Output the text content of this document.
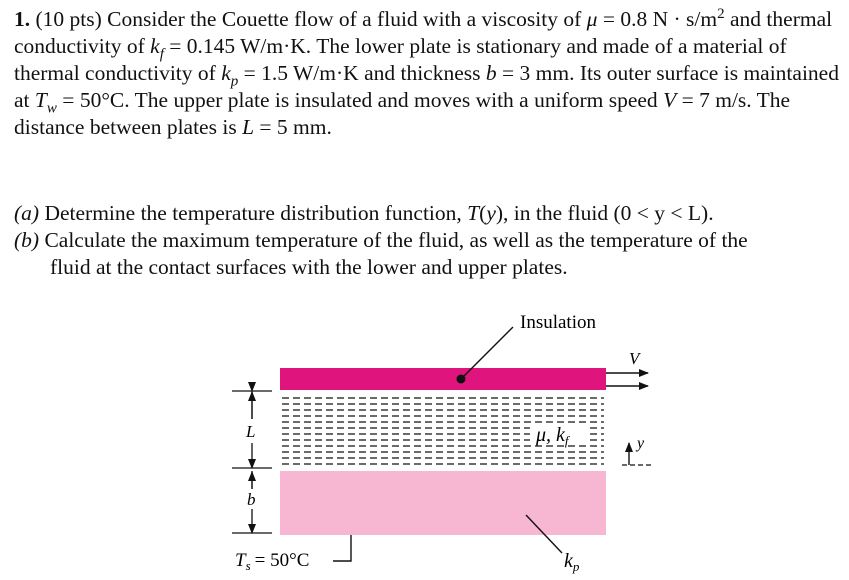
1. (10 pts) Consider the Couette flow of a fluid with a viscosity of μ = 0.8 $N \cdot s/m^2$ and thermal conductivity of $k_f = 0.145$ W/m·K. The lower plate is stationary and made of a material of thermal conductivity of $k_p = 1.5$ W/m·K and thickness b = 3 mm. Its outer surface is maintained at $T_w = 50^\circ C$. The upper plate is insulated and moves with a uniform speed V = 7 m/s. The distance between plates is L = 5 mm.

(a) Determine the temperature distribution function, T(y), in the fluid (0 < y < L).

(b) Calculate the maximum temperature of the fluid, as well as the temperature of the
fluid at the contact surfaces with the lower and upper plates.

Insulation
V
μ, $k_f$	y
L
b
$T_s = 50^\circ C$	$k_p$
